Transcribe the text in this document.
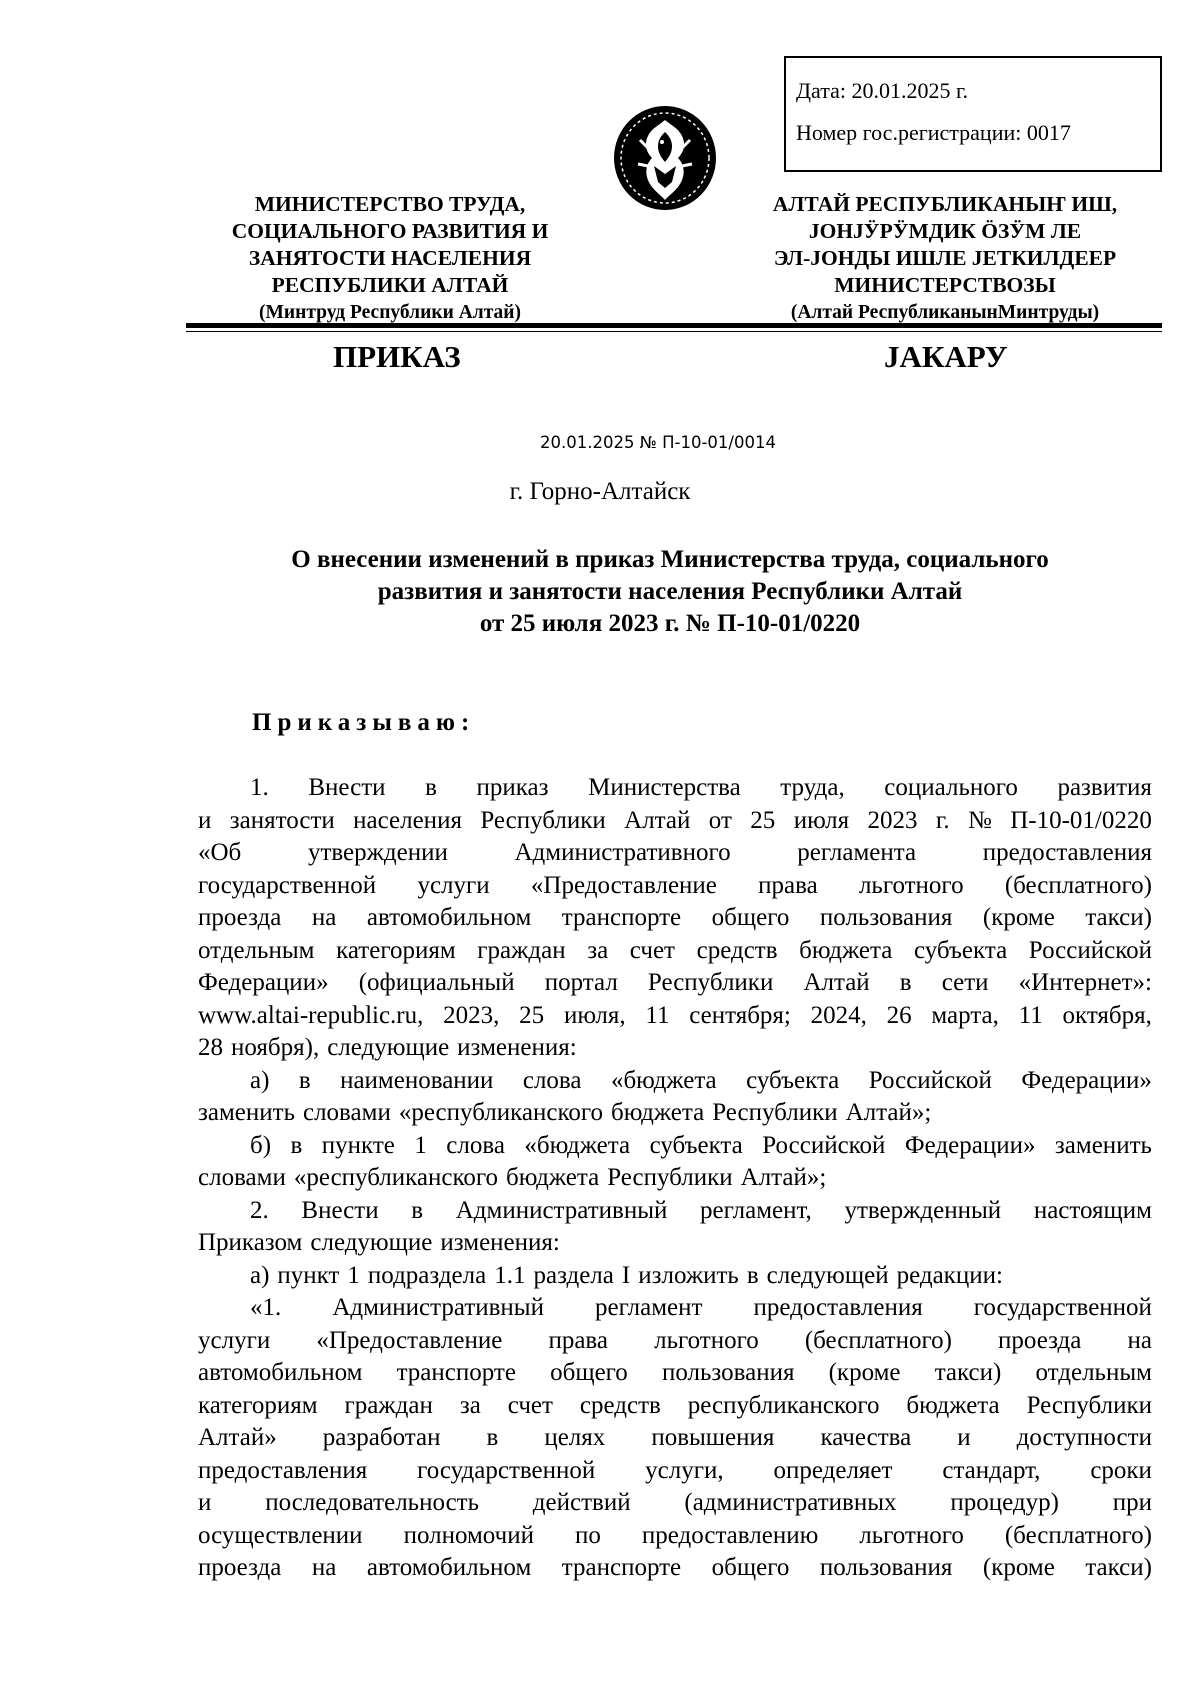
Дата: 20.01.2025 г.
Номер гос.регистрации: 0017
МИНИСТЕРСТВО ТРУДА,
СОЦИАЛЬНОГО РАЗВИТИЯ И
ЗАНЯТОСТИ НАСЕЛЕНИЯ
РЕСПУБЛИКИ АЛТАЙ
(Минтруд Республики Алтай)
АЛТАЙ РЕСПУБЛИКАНЫҤ ИШ,
ЈОНЈӰРӰМДИК ӦЗӰМ ЛЕ
ЭЛ-ЈОНДЫ ИШЛЕ ЈЕТКИЛДЕЕР
МИНИСТЕРСТВОЗЫ
(Алтай РеспубликанынМинтруды)
ПРИКАЗ	ЈАКАРУ
20.01.2025 № П-10-01/0014
г. Горно-Алтайск
О внесении изменений в приказ Министерства труда, социального
развития и занятости населения Республики Алтай
от 25 июля 2023 г. № П-10-01/0220
Приказываю:
1. Внести в приказ Министерства труда, социального развития
и занятости населения Республики Алтай от 25 июля 2023 г. № П-10-01/0220
«Об	утверждении	Административного	регламента	предоставления
государственной услуги «Предоставление права льготного (бесплатного)
проезда на автомобильном транспорте общего пользования (кроме такси)
отдельным категориям граждан за счет средств бюджета субъекта Российской
Федерации» (официальный портал Республики Алтай в сети «Интернет»:
www.altai-republic.ru, 2023, 25 июля, 11 сентября; 2024, 26 марта, 11 октября,
28 ноября), следующие изменения:
а) в наименовании слова «бюджета субъекта Российской Федерации»
заменить словами «республиканского бюджета Республики Алтай»;
б) в пункте 1 слова «бюджета субъекта Российской Федерации» заменить
словами «республиканского бюджета Республики Алтай»;
2. Внести в Административный регламент, утвержденный настоящим
Приказом следующие изменения:
а) пункт 1 подраздела 1.1 раздела I изложить в следующей редакции:
«1. Административный регламент предоставления государственной
услуги «Предоставление права льготного (бесплатного) проезда на
автомобильном транспорте общего пользования (кроме такси) отдельным
категориям граждан за счет средств республиканского бюджета Республики
Алтай» разработан в целях повышения качества и доступности
предоставления государственной услуги, определяет стандарт, сроки
и последовательность действий (административных процедур) при
осуществлении полномочий по предоставлению льготного (бесплатного)
проезда на автомобильном транспорте общего пользования (кроме такси)
